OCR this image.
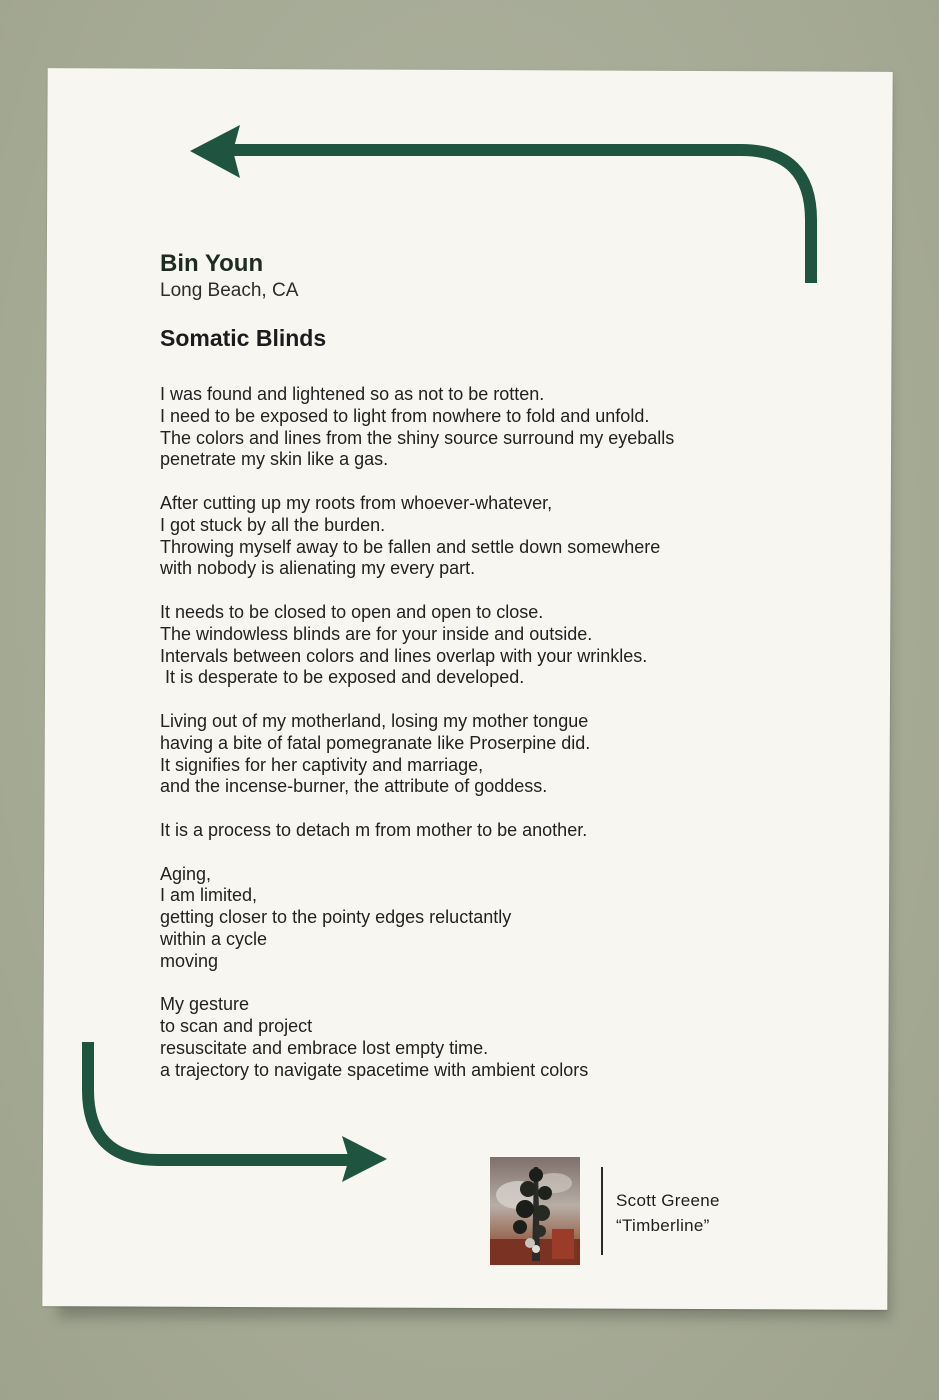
Bin Youn

Long Beach, CA

Somatic Blinds

I was found and lightened so as not to be rotten.
I need to be exposed to light from nowhere to fold and unfold.
The colors and lines from the shiny source surround my eyeballs
penetrate my skin like a gas.

After cutting up my roots from whoever-whatever,
I got stuck by all the burden.
Throwing myself away to be fallen and settle down somewhere
with nobody is alienating my every part.

It needs to be closed to open and open to close.
The windowless blinds are for your inside and outside.
Intervals between colors and lines overlap with your wrinkles.
It is desperate to be exposed and developed.

Living out of my motherland, losing my mother tongue
having a bite of fatal pomegranate like Proserpine did.
It signifies for her captivity and marriage,
and the incense-burner, the attribute of goddess.

It is a process to detach m from mother to be another.

Aging,
I am limited,
getting closer to the pointy edges reluctantly
within a cycle
moving

My gesture
to scan and project
resuscitate and embrace lost empty time.
a trajectory to navigate spacetime with ambient colors

Scott Greene
“Timberline”
